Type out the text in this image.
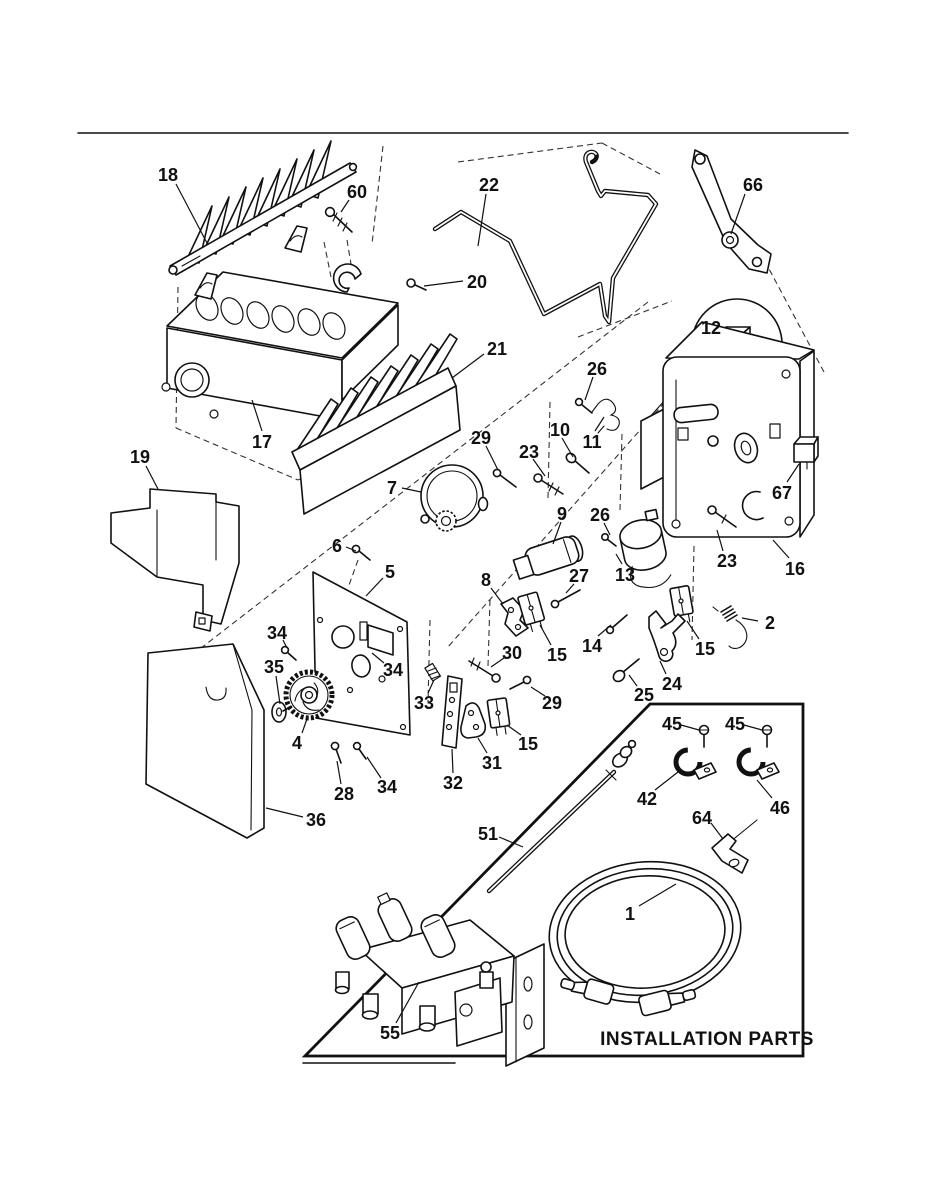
18
60	22	66
20
21
17
12
26
11
10
23
29
19
7
9 26
13
67
16
6
5	8	27
23
2
34
35	34
30 15 14	15
25
24
33	29
4	15
31
32
28 34
36
45 45
42	46
64
51
1
55	INSTALLATION PARTS
